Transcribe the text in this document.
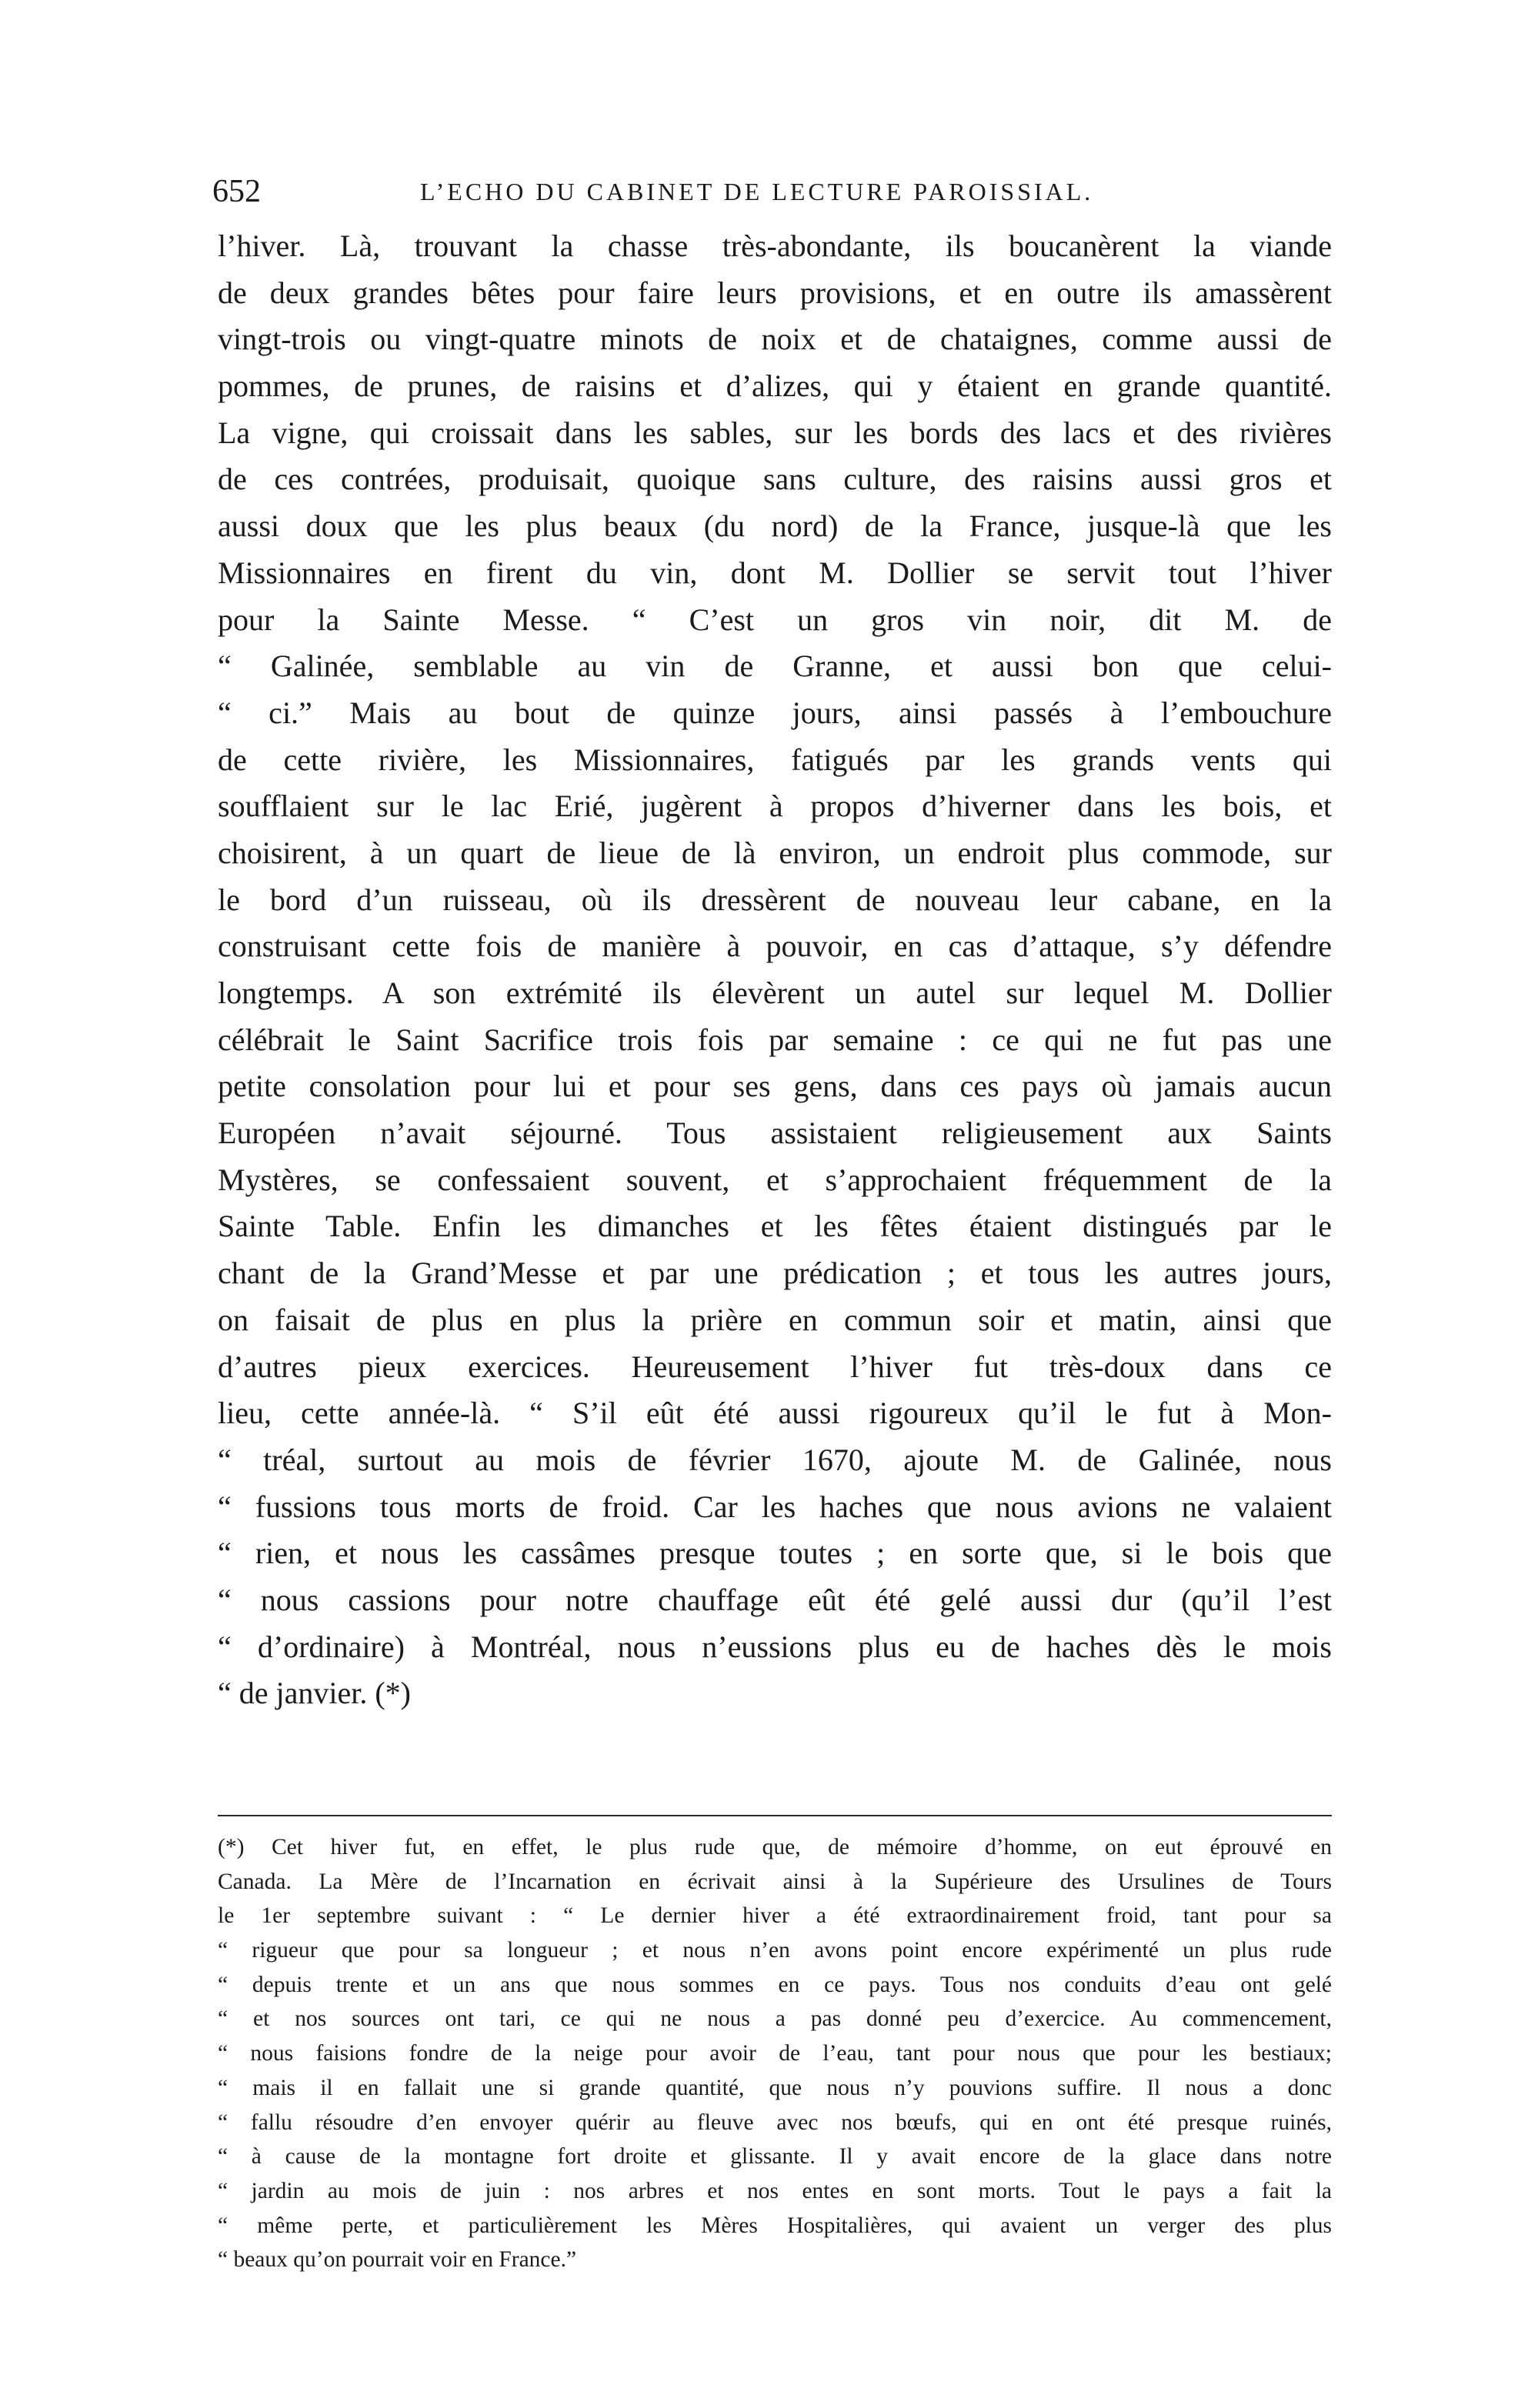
652	L’ECHO DU CABINET DE LECTURE PAROISSIAL.
l’hiver. Là, trouvant la chasse très-abondante, ils boucanèrent la viande
de deux grandes bêtes pour faire leurs provisions, et en outre ils amassèrent
vingt-trois ou vingt-quatre minots de noix et de chataignes, comme aussi de
pommes, de prunes, de raisins et d’alizes, qui y étaient en grande quantité.
La vigne, qui croissait dans les sables, sur les bords des lacs et des rivières
de ces contrées, produisait, quoique sans culture, des raisins aussi gros et
aussi doux que les plus beaux (du nord) de la France, jusque-là que les
Missionnaires en firent du vin, dont M. Dollier se servit tout l’hiver
pour la Sainte Messe. “ C’est un gros vin noir, dit M. de
“ Galinée, semblable au vin de Granne, et aussi bon que celui-
“ ci.” Mais au bout de quinze jours, ainsi passés à l’embouchure
de cette rivière, les Missionnaires, fatigués par les grands vents qui
soufflaient sur le lac Erié, jugèrent à propos d’hiverner dans les bois, et
choisirent, à un quart de lieue de là environ, un endroit plus commode, sur
le bord d’un ruisseau, où ils dressèrent de nouveau leur cabane, en la
construisant cette fois de manière à pouvoir, en cas d’attaque, s’y défendre
longtemps. A son extrémité ils élevèrent un autel sur lequel M. Dollier
célébrait le Saint Sacrifice trois fois par semaine : ce qui ne fut pas une
petite consolation pour lui et pour ses gens, dans ces pays où jamais aucun
Européen n’avait séjourné. Tous assistaient religieusement aux Saints
Mystères, se confessaient souvent, et s’approchaient fréquemment de la
Sainte Table. Enfin les dimanches et les fêtes étaient distingués par le
chant de la Grand’Messe et par une prédication ; et tous les autres jours,
on faisait de plus en plus la prière en commun soir et matin, ainsi que
d’autres pieux exercices. Heureusement l’hiver fut très-doux dans ce
lieu, cette année-là. “ S’il eût été aussi rigoureux qu’il le fut à Mon-
“ tréal, surtout au mois de février 1670, ajoute M. de Galinée, nous
“ fussions tous morts de froid. Car les haches que nous avions ne valaient
“ rien, et nous les cassâmes presque toutes ; en sorte que, si le bois que
“ nous cassions pour notre chauffage eût été gelé aussi dur (qu’il l’est
“ d’ordinaire) à Montréal, nous n’eussions plus eu de haches dès le mois
“ de janvier. (*)
(*) Cet hiver fut, en effet, le plus rude que, de mémoire d’homme, on eut éprouvé en
Canada. La Mère de l’Incarnation en écrivait ainsi à la Supérieure des Ursulines de Tours
le 1er septembre suivant : “ Le dernier hiver a été extraordinairement froid, tant pour sa
“ rigueur que pour sa longueur ; et nous n’en avons point encore expérimenté un plus rude
“ depuis trente et un ans que nous sommes en ce pays. Tous nos conduits d’eau ont gelé
“ et nos sources ont tari, ce qui ne nous a pas donné peu d’exercice. Au commencement,
“ nous faisions fondre de la neige pour avoir de l’eau, tant pour nous que pour les bestiaux;
“ mais il en fallait une si grande quantité, que nous n’y pouvions suffire. Il nous a donc
“ fallu résoudre d’en envoyer quérir au fleuve avec nos bœufs, qui en ont été presque ruinés,
“ à cause de la montagne fort droite et glissante. Il y avait encore de la glace dans notre
“ jardin au mois de juin : nos arbres et nos entes en sont morts. Tout le pays a fait la
“ même perte, et particulièrement les Mères Hospitalières, qui avaient un verger des plus
“ beaux qu’on pourrait voir en France.”
